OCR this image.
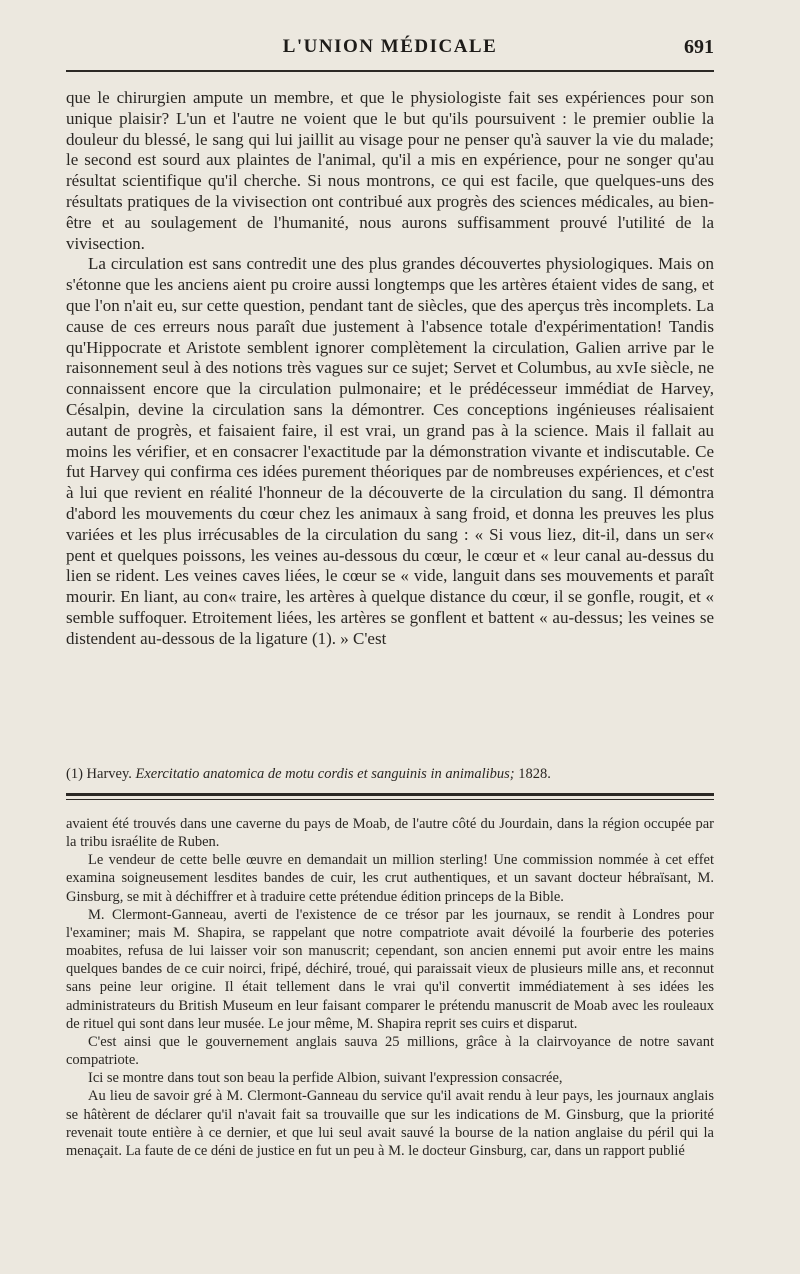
L'UNION MÉDICALE	691

que le chirurgien ampute un membre, et que le physiologiste fait ses expériences pour son unique plaisir? L'un et l'autre ne voient que le but qu'ils poursuivent : le premier oublie la douleur du blessé, le sang qui lui jaillit au visage pour ne penser qu'à sauver la vie du malade; le second est sourd aux plaintes de l'animal, qu'il a mis en expérience, pour ne songer qu'au résultat scientifique qu'il cherche. Si nous montrons, ce qui est facile, que quelques-uns des résultats pratiques de la vivisection ont contribué aux progrès des sciences médicales, au bien-être et au soulagement de l'humanité, nous aurons suffisamment prouvé l'utilité de la vivisection.

La circulation est sans contredit une des plus grandes découvertes physiologiques. Mais on s'étonne que les anciens aient pu croire aussi longtemps que les artères étaient vides de sang, et que l'on n'ait eu, sur cette question, pendant tant de siècles, que des aperçus très incomplets. La cause de ces erreurs nous paraît due justement à l'absence totale d'expérimentation! Tandis qu'Hippocrate et Aristote semblent ignorer complètement la circulation, Galien arrive par le raisonnement seul à des notions très vagues sur ce sujet; Servet et Columbus, au xvIe siècle, ne connaissent encore que la circulation pulmonaire; et le prédécesseur immédiat de Harvey, Césalpin, devine la circulation sans la démontrer. Ces conceptions ingénieuses réalisaient autant de progrès, et faisaient faire, il est vrai, un grand pas à la science. Mais il fallait au moins les vérifier, et en consacrer l'exactitude par la démonstration vivante et indiscutable. Ce fut Harvey qui confirma ces idées purement théoriques par de nombreuses expériences, et c'est à lui que revient en réalité l'honneur de la découverte de la circulation du sang. Il démontra d'abord les mouvements du cœur chez les animaux à sang froid, et donna les preuves les plus variées et les plus irrécusables de la circulation du sang : « Si vous liez, dit-il, dans un ser« pent et quelques poissons, les veines au-dessous du cœur, le cœur et « leur canal au-dessus du lien se rident. Les veines caves liées, le cœur se « vide, languit dans ses mouvements et paraît mourir. En liant, au con« traire, les artères à quelque distance du cœur, il se gonfle, rougit, et « semble suffoquer. Etroitement liées, les artères se gonflent et battent « au-dessus; les veines se distendent au-dessous de la ligature (1). » C'est

(1) Harvey. Exercitatio anatomica de motu cordis et sanguinis in animalibus; 1828.

avaient été trouvés dans une caverne du pays de Moab, de l'autre côté du Jourdain, dans la région occupée par la tribu israélite de Ruben.

Le vendeur de cette belle œuvre en demandait un million sterling! Une commission nommée à cet effet examina soigneusement lesdites bandes de cuir, les crut authentiques, et un savant docteur hébraïsant, M. Ginsburg, se mit à déchiffrer et à traduire cette prétendue édition princeps de la Bible.

M. Clermont-Ganneau, averti de l'existence de ce trésor par les journaux, se rendit à Londres pour l'examiner; mais M. Shapira, se rappelant que notre compatriote avait dévoilé la fourberie des poteries moabites, refusa de lui laisser voir son manuscrit; cependant, son ancien ennemi put avoir entre les mains quelques bandes de ce cuir noirci, fripé, déchiré, troué, qui paraissait vieux de plusieurs mille ans, et reconnut sans peine leur origine. Il était tellement dans le vrai qu'il convertit immédiatement à ses idées les administrateurs du British Museum en leur faisant comparer le prétendu manuscrit de Moab avec les rouleaux de rituel qui sont dans leur musée. Le jour même, M. Shapira reprit ses cuirs et disparut.

C'est ainsi que le gouvernement anglais sauva 25 millions, grâce à la clairvoyance de notre savant compatriote.

Ici se montre dans tout son beau la perfide Albion, suivant l'expression consacrée,

Au lieu de savoir gré à M. Clermont-Ganneau du service qu'il avait rendu à leur pays, les journaux anglais se hâtèrent de déclarer qu'il n'avait fait sa trouvaille que sur les indications de M. Ginsburg, que la priorité revenait toute entière à ce dernier, et que lui seul avait sauvé la bourse de la nation anglaise du péril qui la menaçait. La faute de ce déni de justice en fut un peu à M. le docteur Ginsburg, car, dans un rapport publié
